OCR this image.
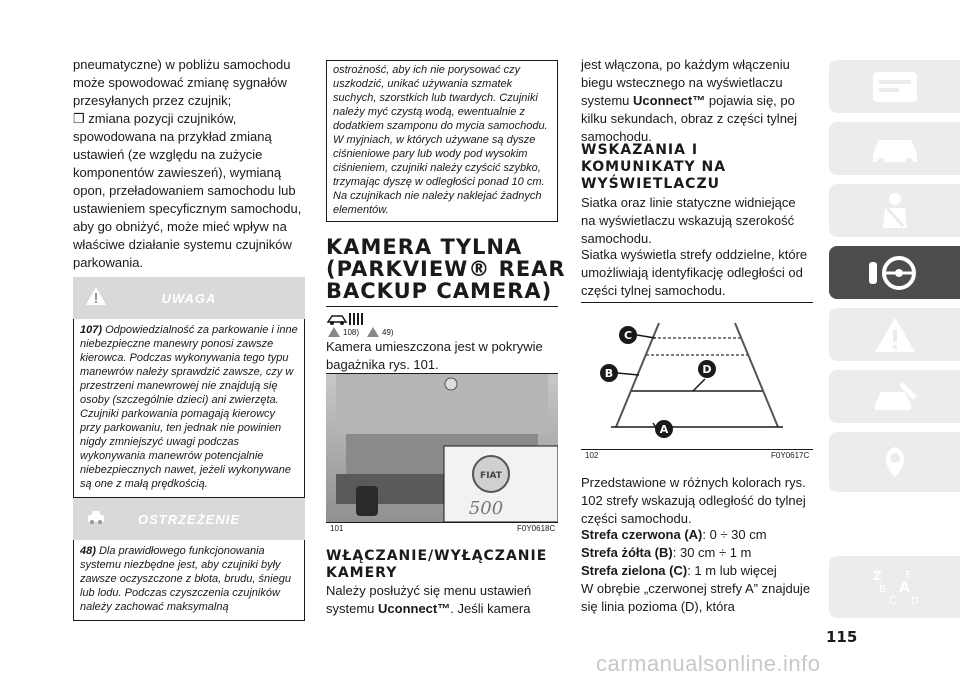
pneumatyczne) w pobliżu samochodu może spowodować zmianę sygnałów przesyłanych przez czujnik;

❒ zmiana pozycji czujników, spowodowana na przykład zmianą ustawień (ze względu na zużycie komponentów zawieszeń), wymianą opon, przeładowaniem samochodu lub ustawieniem specyficznym samochodu, aby go obniżyć, może mieć wpływ na właściwe działanie systemu czujników parkowania.

UWAGA
107) Odpowiedzialność za parkowanie i inne niebezpieczne manewry ponosi zawsze kierowca. Podczas wykonywania tego typu manewrów należy sprawdzić zawsze, czy w przestrzeni manewrowej nie znajdują się osoby (szczególnie dzieci) ani zwierzęta. Czujniki parkowania pomagają kierowcy przy parkowaniu, ten jednak nie powinien nigdy zmniejszyć uwagi podczas wykonywania manewrów potencjalnie niebezpiecznych nawet, jeżeli wykonywane są one z małą prędkością.
OSTRZEŻENIE
48) Dla prawidłowego funkcjonowania systemu niezbędne jest, aby czujniki były zawsze oczyszczone z błota, brudu, śniegu lub lodu. Podczas czyszczenia czujników należy zachować maksymalną
ostrożność, aby ich nie porysować czy uszkodzić, unikać używania szmatek suchych, szorstkich lub twardych. Czujniki należy myć czystą wodą, ewentualnie z dodatkiem szamponu do mycia samochodu. W myjniach, w których używane są dysze ciśnieniowe pary lub wody pod wysokim ciśnieniem, czujniki należy czyścić szybko, trzymając dyszę w odległości ponad 10 cm. Na czujnikach nie należy naklejać żadnych elementów.
KAMERA TYLNA
(PARKVIEW® REAR
BACKUP CAMERA)
108)	49)

Kamera umieszczona jest w pokrywie bagażnika rys. 101.

FIAT
500
101	F0Y0618C
WŁĄCZANIE/WYŁĄCZANIE
KAMERY

Należy posłużyć się menu ustawień systemu Uconnect™. Jeśli kamera

jest włączona, po każdym włączeniu biegu wstecznego na wyświetlaczu systemu Uconnect™ pojawia się, po kilku sekundach, obraz z części tylnej samochodu.

WSKAZANIA I
KOMUNIKATY NA
WYŚWIETLACZU

Siatka oraz linie statyczne widniejące na wyświetlaczu wskazują szerokość samochodu.

Siatka wyświetla strefy oddzielne, które umożliwiają identyfikację odległości od części tylnej samochodu.

C
B	D
A
102	F0Y0617C

Przedstawione w różnych kolorach rys. 102 strefy wskazują odległość do tylnej części samochodu.

Strefa czerwona (A): 0 ÷ 30 cm

Strefa żółta (B): 30 cm ÷ 1 m

Strefa zielona (C): 1 m lub więcej

W obrębie „czerwonej strefy A” znajduje się linia pozioma (D), która

Z E
B A
C D
115
carmanualsonline.info
